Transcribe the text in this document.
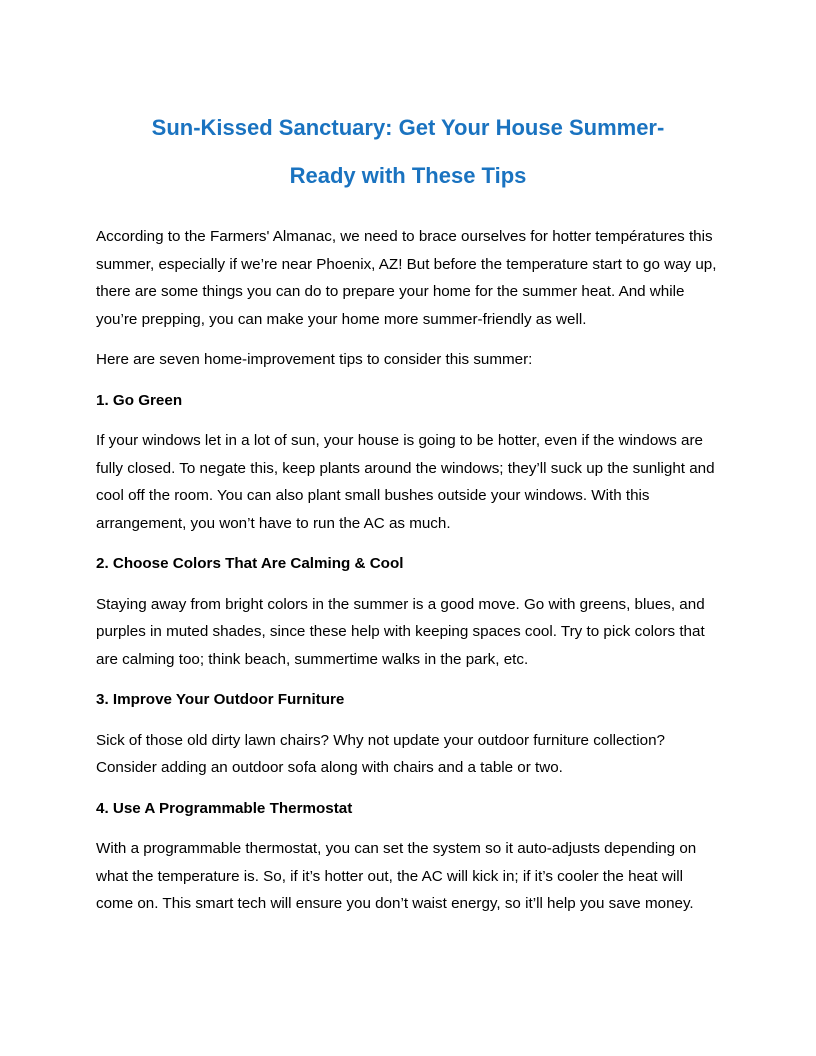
Sun-Kissed Sanctuary: Get Your House Summer-
Ready with These Tips

According to the Farmers' Almanac, we need to brace ourselves for hotter températures this summer, especially if we’re near Phoenix, AZ! But before the temperature start to go way up, there are some things you can do to prepare your home for the summer heat. And while you’re prepping, you can make your home more summer-friendly as well.

Here are seven home-improvement tips to consider this summer:

1. Go Green

If your windows let in a lot of sun, your house is going to be hotter, even if the windows are fully closed. To negate this, keep plants around the windows; they’ll suck up the sunlight and cool off the room. You can also plant small bushes outside your windows. With this arrangement, you won’t have to run the AC as much.

2. Choose Colors That Are Calming & Cool

Staying away from bright colors in the summer is a good move. Go with greens, blues, and purples in muted shades, since these help with keeping spaces cool. Try to pick colors that are calming too; think beach, summertime walks in the park, etc.

3. Improve Your Outdoor Furniture

Sick of those old dirty lawn chairs? Why not update your outdoor furniture collection? Consider adding an outdoor sofa along with chairs and a table or two.

4. Use A Programmable Thermostat

With a programmable thermostat, you can set the system so it auto-adjusts depending on what the temperature is. So, if it’s hotter out, the AC will kick in; if it’s cooler the heat will come on. This smart tech will ensure you don’t waist energy, so it’ll help you save money.
